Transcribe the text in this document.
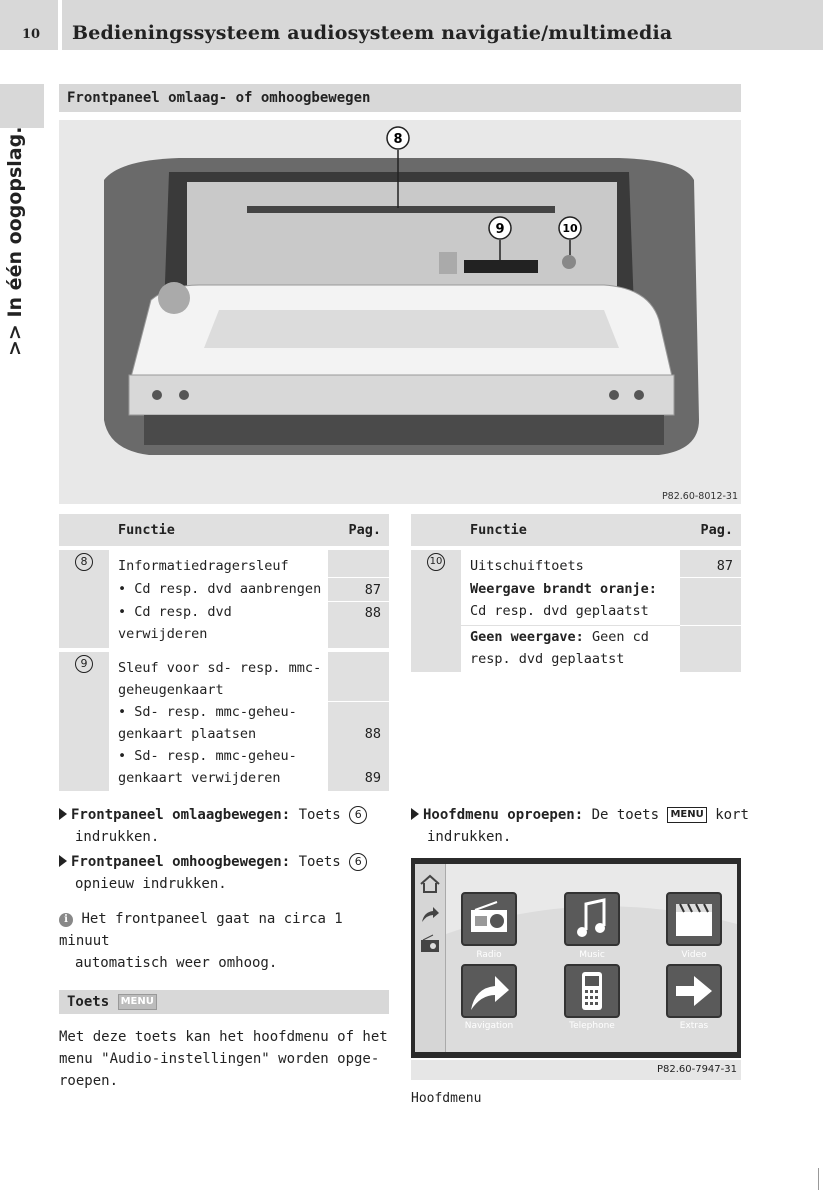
10 Bedieningssysteem audiosysteem navigatie/multimedia
>> In één oogopslag.
Frontpaneel omlaag- of omhoogbewegen
8
9	10
P82.60-8012-31
	Functie	Pag.
8	Informatiedragersleuf	
	• Cd resp. dvd aanbrengen	87
	• Cd resp. dvd verwijderen	88
9	Sleuf voor sd- resp. mmc-geheugenkaart	
	• Sd- resp. mmc-geheu-genkaart plaatsen	88
	• Sd- resp. mmc-geheu-genkaart verwijderen	89
	Functie	Pag.
10	Uitschuiftoets	87
	Weergave brandt oranje:
Cd resp. dvd geplaatst	
	Geen weergave: Geen cd resp. dvd geplaatst	
Frontpaneel omlaagbewegen: Toets 6
indrukken.
Frontpaneel omhoogbewegen: Toets 6
opnieuw indrukken.
i Het frontpaneel gaat na circa 1 minuut
automatisch weer omhoog.
Toets MENU
Met deze toets kan het hoofdmenu of het menu "Audio-instellingen" worden opge-roepen.
Hoofdmenu oproepen: De toets MENU kort
indrukken.
Radio	Music	Video
Navigation	Telephone	Extras
P82.60-7947-31
Hoofdmenu
